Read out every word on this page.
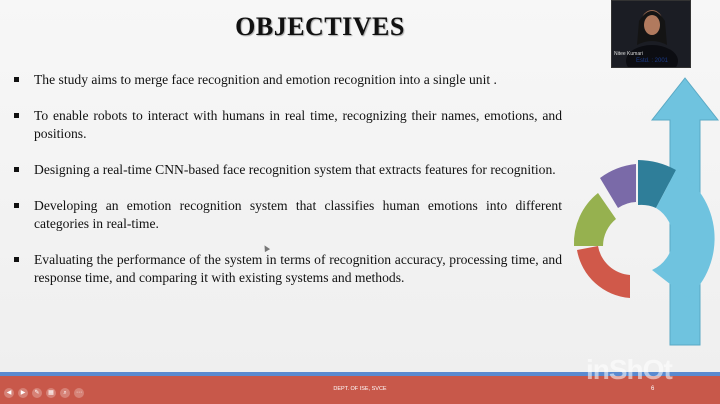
OBJECTIVES
The study aims to merge face recognition and emotion recognition into a single unit .
To enable robots to interact with humans in real time, recognizing their names, emotions, and positions.
Designing a real-time CNN-based face recognition system that extracts features for recognition.
Developing an emotion recognition system that classifies human emotions into different categories in real-time.
Evaluating the performance of the system in terms of recognition accuracy, processing time, and response time, and comparing it with existing systems and methods.
Nitee Kumari
Estd. : 2001
◀	▶	✎	▦	⌕	⋯	DEPT. OF ISE, SVCE	6
inShOt
